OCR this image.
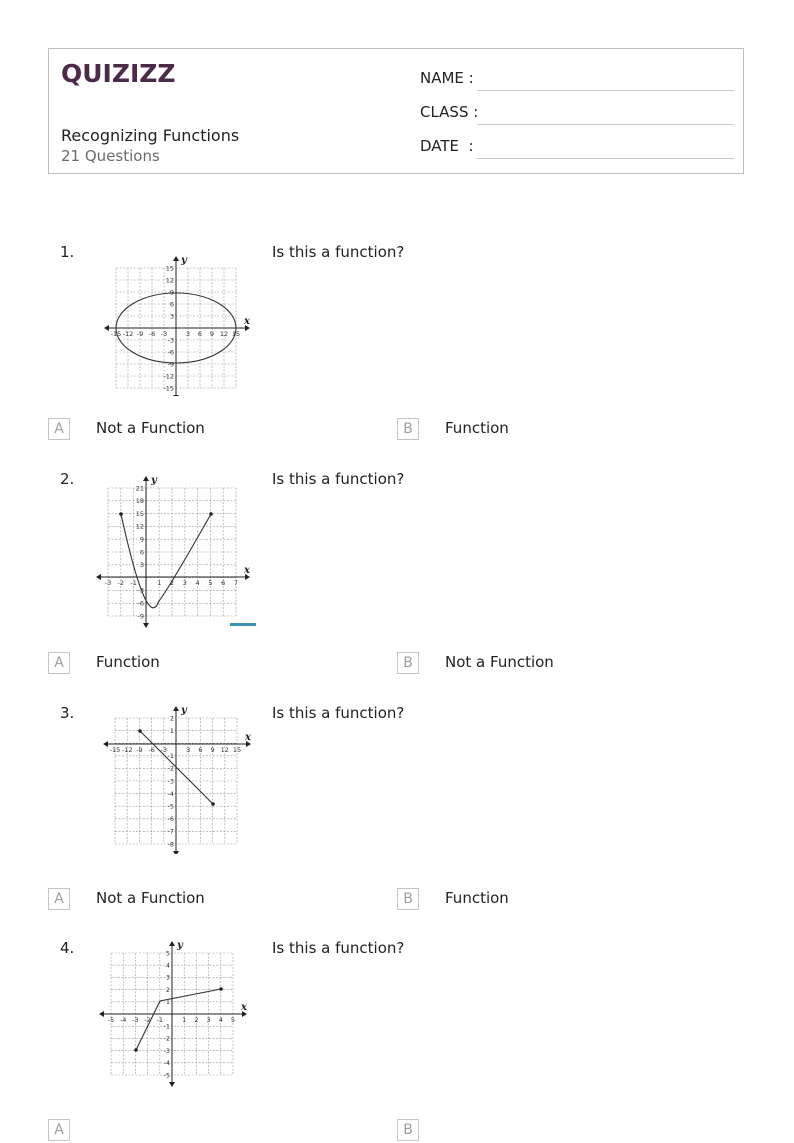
QUIZIZZ
Recognizing Functions
21 Questions
NAME :
CLASS :
DATE  :
1.	Is this a function?
x
y
-15 -12 -9 -6 -3	3 6 9 12 15
15
12
9
6
3
-3
-6
-9
-12
-15
A	Not a Function	B	Function
2.	Is this a function?
x
y
-3 -2 -1	1 2 3 4 5 6 7
21
18
15
12
9
6
3
-3
-6
-9
A	Function	B	Not a Function
3.	Is this a function?
x
y
-15 -12 -9 -6 -3	3 6 9 12 15
2
1
-1
-2
-3
-4
-5
-6
-7
-8
A	Not a Function	B	Function
4.	Is this a function?
x
y
-5 -4 -3 -2 -1	1 2 3 4 5
5
4
3
2
1
-1
-2
-3
-4
-5
A	B
